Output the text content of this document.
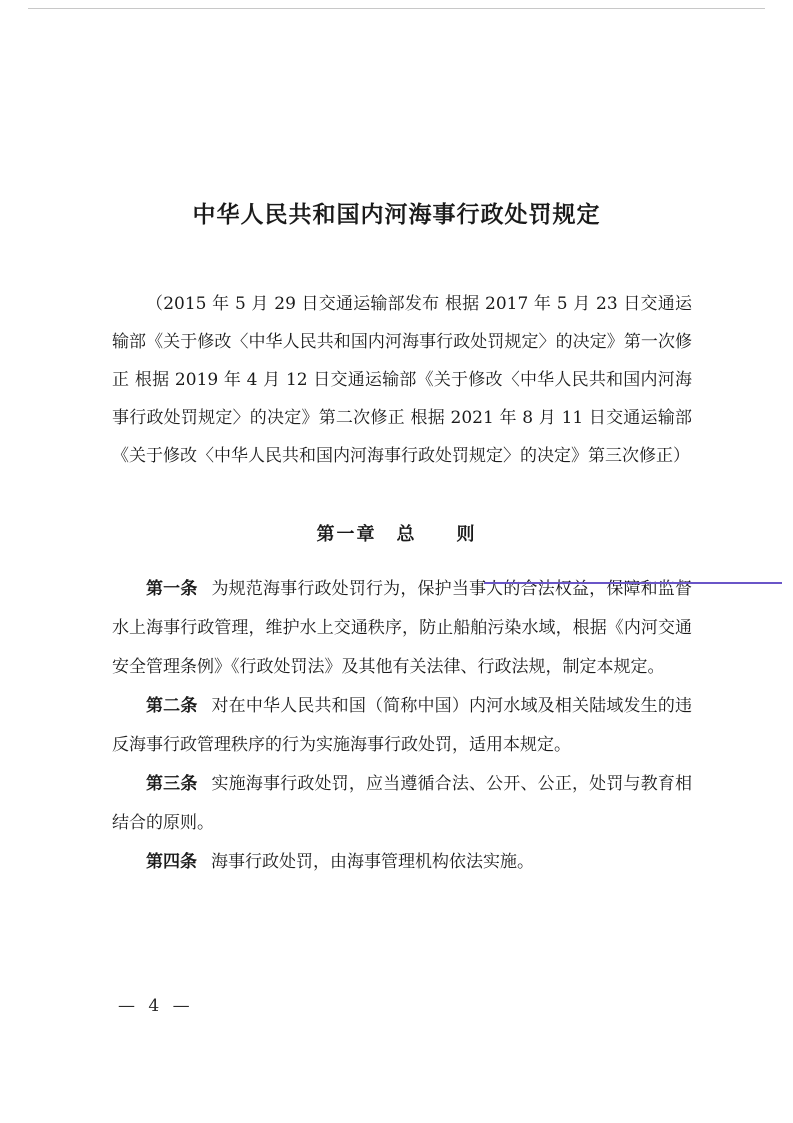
中华人民共和国内河海事行政处罚规定

（2015 年 5 月 29 日交通运输部发布 根据 2017 年 5 月 23 日交通运输部《关于修改〈中华人民共和国内河海事行政处罚规定〉的决定》第一次修正 根据 2019 年 4 月 12 日交通运输部《关于修改〈中华人民共和国内河海事行政处罚规定〉的决定》第二次修正 根据 2021 年 8 月 11 日交通运输部《关于修改〈中华人民共和国内河海事行政处罚规定〉的决定》第三次修正）

第一章　总　　则

第一条 为规范海事行政处罚行为，保护当事人的合法权益，保障和监督水上海事行政管理，维护水上交通秩序，防止船舶污染水域，根据《内河交通安全管理条例》《行政处罚法》及其他有关法律、行政法规，制定本规定。

第二条 对在中华人民共和国（简称中国）内河水域及相关陆域发生的违反海事行政管理秩序的行为实施海事行政处罚，适用本规定。

第三条 实施海事行政处罚，应当遵循合法、公开、公正，处罚与教育相结合的原则。

第四条 海事行政处罚，由海事管理机构依法实施。

— 4 —
